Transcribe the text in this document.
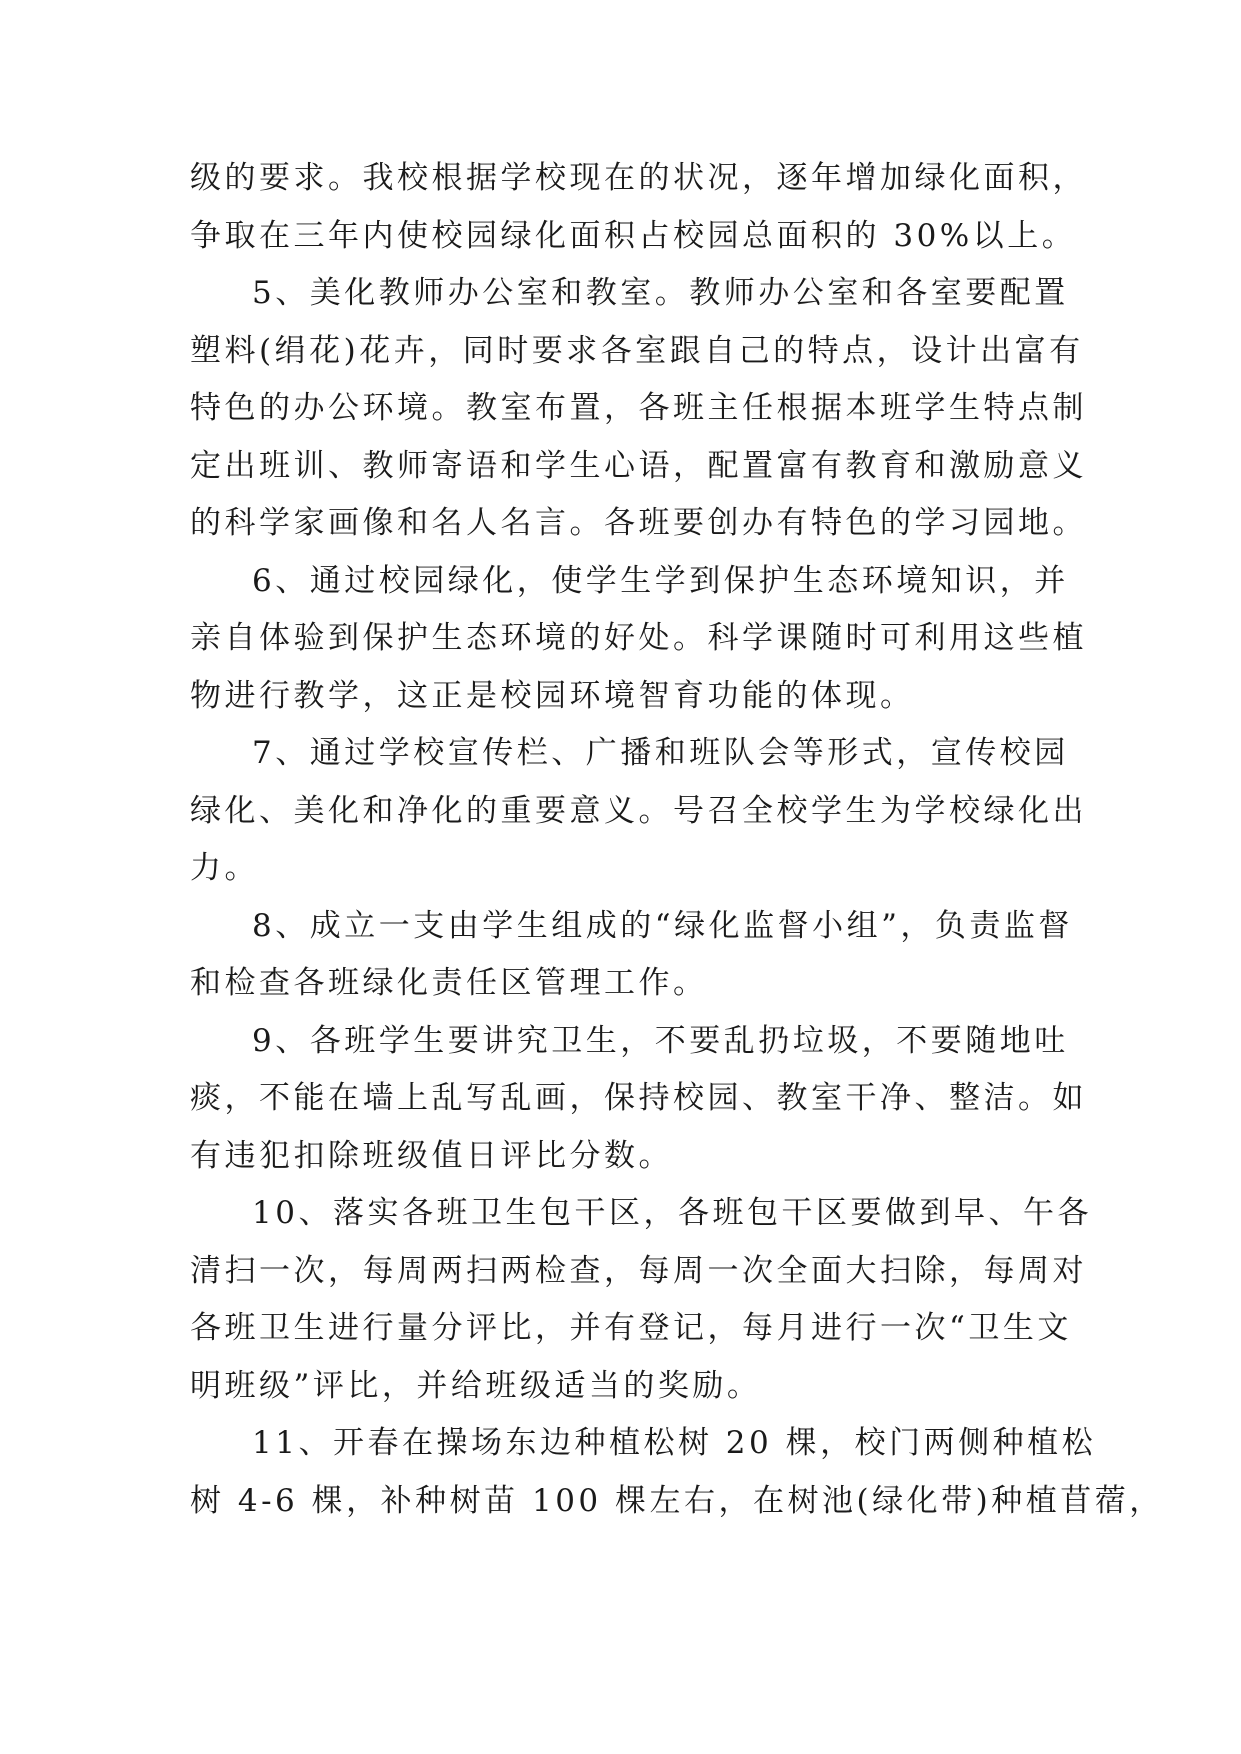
级的要求。我校根据学校现在的状况，逐年增加绿化面积，
争取在三年内使校园绿化面积占校园总面积的 30%以上。
5、美化教师办公室和教室。教师办公室和各室要配置
塑料(绢花)花卉，同时要求各室跟自己的特点，设计出富有
特色的办公环境。教室布置，各班主任根据本班学生特点制
定出班训、教师寄语和学生心语，配置富有教育和激励意义
的科学家画像和名人名言。各班要创办有特色的学习园地。
6、通过校园绿化，使学生学到保护生态环境知识，并
亲自体验到保护生态环境的好处。科学课随时可利用这些植
物进行教学，这正是校园环境智育功能的体现。
7、通过学校宣传栏、广播和班队会等形式，宣传校园
绿化、美化和净化的重要意义。号召全校学生为学校绿化出
力。
8、成立一支由学生组成的“绿化监督小组”，负责监督
和检查各班绿化责任区管理工作。
9、各班学生要讲究卫生，不要乱扔垃圾，不要随地吐
痰，不能在墙上乱写乱画，保持校园、教室干净、整洁。如
有违犯扣除班级值日评比分数。
10、落实各班卫生包干区，各班包干区要做到早、午各
清扫一次，每周两扫两检查，每周一次全面大扫除，每周对
各班卫生进行量分评比，并有登记，每月进行一次“卫生文
明班级”评比，并给班级适当的奖励。
11、开春在操场东边种植松树 20 棵，校门两侧种植松
树 4-6 棵，补种树苗 100 棵左右，在树池(绿化带)种植苜蓿，
